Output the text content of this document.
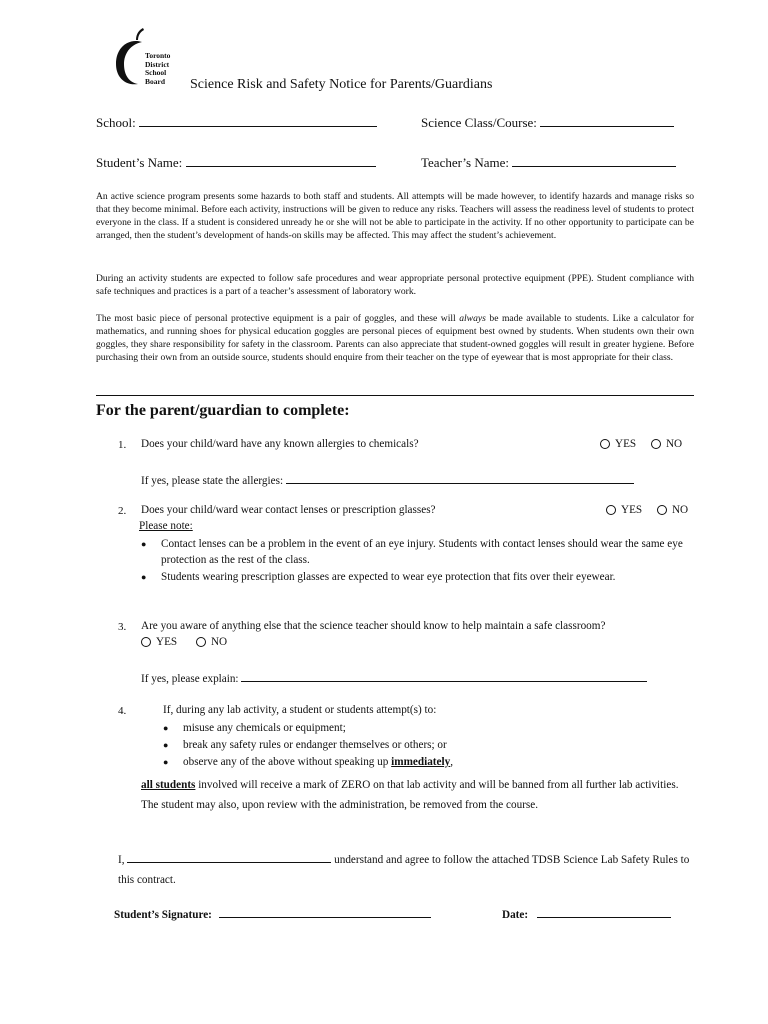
Toronto
District
School
Board	Science Risk and Safety Notice for Parents/Guardians
School:	Science Class/Course:
Student’s Name:	Teacher’s Name:

An active science program presents some hazards to both staff and students. All attempts will be made however, to identify hazards and manage risks so that they become minimal. Before each activity, instructions will be given to reduce any risks. Teachers will assess the readiness level of students to protect everyone in the class. If a student is considered unready he or she will not be able to participate in the activity. If no other opportunity to participate can be arranged, then the student’s development of hands-on skills may be affected. This may affect the student’s achievement.

During an activity students are expected to follow safe procedures and wear appropriate personal protective equipment (PPE). Student compliance with safe techniques and practices is a part of a teacher’s assessment of laboratory work.

The most basic piece of personal protective equipment is a pair of goggles, and these will always be made available to students. Like a calculator for mathematics, and running shoes for physical education goggles are personal pieces of equipment best owned by students. When students own their own goggles, they share responsibility for safety in the classroom. Parents can also appreciate that student-owned goggles will result in greater hygiene. Before purchasing their own from an outside source, students should enquire from their teacher on the type of eyewear that is most appropriate for their class.

For the parent/guardian to complete:
1. Does your child/ward have any known allergies to chemicals?	YES
	NO
If yes, please state the allergies:
2. Does your child/ward wear contact lenses or prescription glasses?	YES
	NO
Please note:
●	Contact lenses can be a problem in the event of an eye injury. Students with contact lenses should wear the same eye protection as the rest of the class.
●	Students wearing prescription glasses are expected to wear eye protection that fits over their eyewear.
3. Are you aware of anything else that the science teacher should know to help maintain a safe classroom?
YES
	NO
If yes, please explain:
4.	If, during any lab activity, a student or students attempt(s) to:
●	misuse any chemicals or equipment;
●	break any safety rules or endanger themselves or others; or
●	observe any of the above without speaking up immediately,
all students involved will receive a mark of ZERO on that lab activity and will be banned from all further lab activities. The student may also, upon review with the administration, be removed from the course.
I,	understand and agree to follow the attached TDSB Science Lab Safety Rules to this contract.
Student’s Signature:	Date:
